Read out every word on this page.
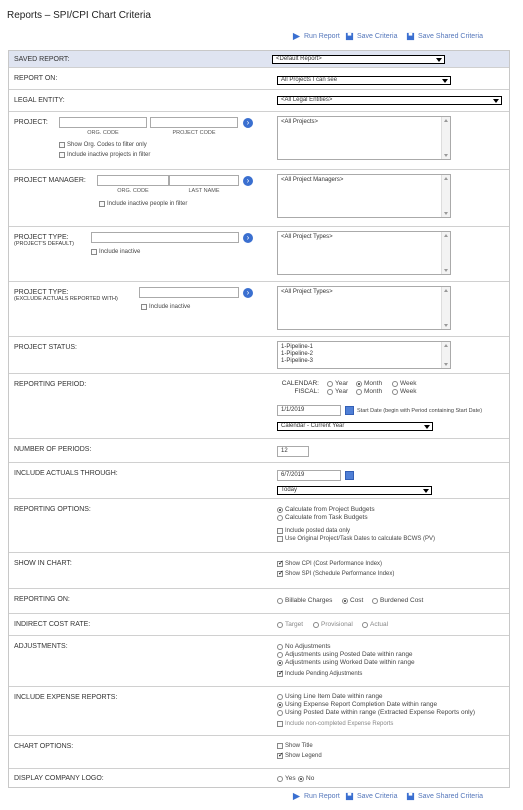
Reports – SPI/CPI Chart Criteria
Run Report Save Criteria	Save Shared Criteria
SAVED REPORT:	<Default Report>
REPORT ON:	All Projects I can see
LEGAL ENTITY:	<All Legal Entities>
PROJECT:	›
ORG. CODE	PROJECT CODE
Show Org. Codes to filter only
Include inactive projects in filter
<All Projects>
PROJECT MANAGER:	›
ORG. CODE	LAST NAME
Include inactive people in filter
<All Project Managers>
PROJECT TYPE:
(PROJECT'S DEFAULT)
›
Include inactive
<All Project Types>
PROJECT TYPE:
(EXCLUDE ACTUALS REPORTED WITH)
›
Include inactive
<All Project Types>
PROJECT STATUS:	1-Pipeline-1
1-Pipeline-2
1-Pipeline-3
REPORTING PERIOD:	CALENDAR: Year Month	Week
FISCAL: Year Month	Week
1/1/2019	Start Date (begin with Period containing Start Date)
Calendar - Current Year
NUMBER OF PERIODS:	12
INCLUDE ACTUALS THROUGH:	6/7/2019
Today
REPORTING OPTIONS:	Calculate from Project Budgets
Calculate from Task Budgets
Include posted data only
Use Original Project/Task Dates to calculate BCWS (PV)
SHOW IN CHART:
✓	Show CPI (Cost Performance Index)
✓
Show SPI (Schedule Performance Index)
REPORTING ON:	Billable Charges	Cost	Burdened Cost
INDIRECT COST RATE:	Target	Provisional	Actual
ADJUSTMENTS:	No Adjustments
Adjustments using Posted Date within range
Adjustments using Worked Date within range
✓
Include Pending Adjustments
INCLUDE EXPENSE REPORTS:	Using Line Item Date within range
Using Expense Report Completion Date within range
Using Posted Date within range (Extracted Expense Reports only)
Include non-completed Expense Reports
CHART OPTIONS:	Show Title
✓
Show Legend
DISPLAY COMPANY LOGO:	Yes No
Run Report Save Criteria	Save Shared Criteria
